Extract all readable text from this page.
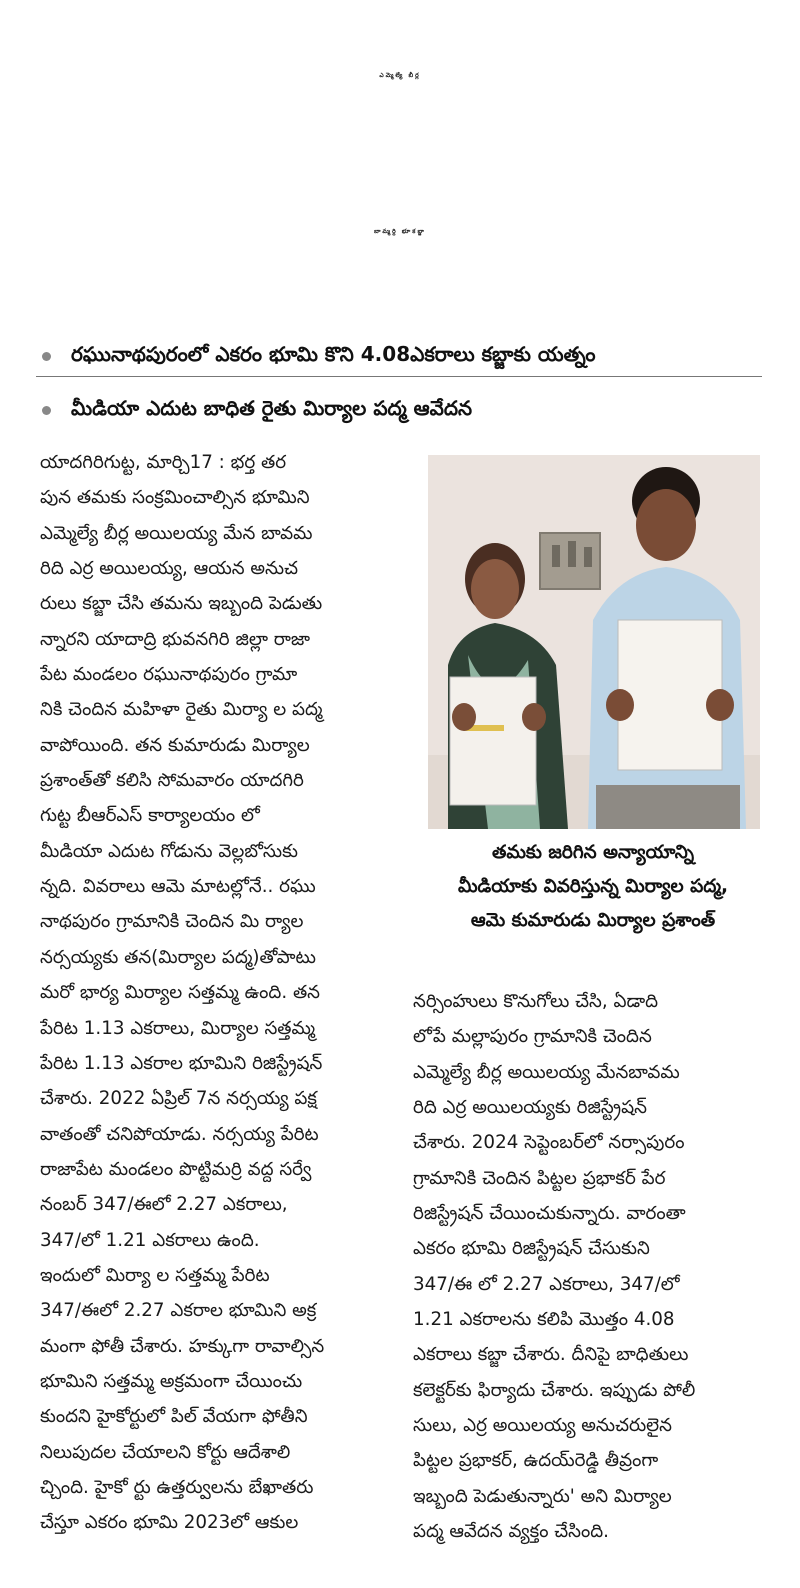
ఎమ్మెల్యే బీర్ల
బామ్మర్ది భూకబ్జా
రఘునాథపురంలో ఎకరం భూమి కొని 4.08ఎకరాలు కబ్జాకు యత్నం
మీడియా ఎదుట బాధిత రైతు మిర్యాల పద్మ ఆవేదన
యాదగిరిగుట్ట, మార్చి17 : భర్త తర
పున తమకు సంక్రమించాల్సిన భూమిని
ఎమ్మెల్యే బీర్ల అయిలయ్య మేన బావమ
రిది ఎర్ర అయిలయ్య, ఆయన అనుచ
రులు కబ్జా చేసి తమను ఇబ్బంది పెడుతు
న్నారని యాదాద్రి భువనగిరి జిల్లా రాజా
పేట మండలం రఘునాథపురం గ్రామా
నికి చెందిన మహిళా రైతు మిర్యా ల పద్మ
వాపోయింది. తన కుమారుడు మిర్యాల
ప్రశాంత్‌తో కలిసి సోమవారం యాదగిరి
గుట్ట బీఆర్‌ఎస్ కార్యాలయం లో
మీడియా ఎదుట గోడును వెల్లబోసుకు
న్నది. వివరాలు ఆమె మాటల్లోనే.. రఘు
నాథపురం గ్రామానికి చెందిన మి ర్యాల
నర్సయ్యకు తన(మిర్యాల పద్మ)తోపాటు
మరో భార్య మిర్యాల సత్తమ్మ ఉంది. తన
పేరిట 1.13 ఎకరాలు, మిర్యాల సత్తమ్మ
పేరిట 1.13 ఎకరాల భూమిని రిజిస్ట్రేషన్
చేశారు. 2022 ఏప్రిల్ 7న నర్సయ్య పక్ష
వాతంతో చనిపోయాడు. నర్సయ్య పేరిట
రాజాపేట మండలం పొట్టిమర్రి వద్ద సర్వే
నంబర్ 347/ఈలో 2.27 ఎకరాలు,
347/లో 1.21 ఎకరాలు ఉంది.
ఇందులో మిర్యా ల సత్తమ్మ పేరిట
347/ఈలో 2.27 ఎకరాల భూమిని అక్ర
మంగా ఫోతీ చేశారు. హక్కుగా రావాల్సిన
భూమిని సత్తమ్మ అక్రమంగా చేయించు
కుందని హైకోర్టులో పిల్ వేయగా ఫోతీని
నిలుపుదల చేయాలని కోర్టు ఆదేశాలి
చ్చింది. హైకో ర్టు ఉత్తర్వులను బేఖాతరు
చేస్తూ ఎకరం భూమి 2023లో ఆకుల
తమకు జరిగిన అన్యాయాన్ని
మీడియాకు వివరిస్తున్న మిర్యాల పద్మ,
ఆమె కుమారుడు మిర్యాల ప్రశాంత్
నర్సింహులు కొనుగోలు చేసి, ఏడాది
లోపే మల్లాపురం గ్రామానికి చెందిన
ఎమ్మెల్యే బీర్ల అయిలయ్య మేనబావమ
రిది ఎర్ర అయిలయ్యకు రిజిస్ట్రేషన్
చేశారు. 2024 సెప్టెంబర్‌లో నర్సాపురం
గ్రామానికి చెందిన పిట్టల ప్రభాకర్ పేర
రిజిస్ట్రేషన్ చేయించుకున్నారు. వారంతా
ఎకరం భూమి రిజిస్ట్రేషన్ చేసుకుని
347/ఈ లో 2.27 ఎకరాలు, 347/లో
1.21 ఎకరాలను కలిపి మొత్తం 4.08
ఎకరాలు కబ్జా చేశారు. దీనిపై బాధితులు
కలెక్టర్‌కు ఫిర్యాదు చేశారు. ఇప్పుడు పోలీ
సులు, ఎర్ర అయిలయ్య అనుచరులైన
పిట్టల ప్రభాకర్, ఉదయ్‌రెడ్డి తీవ్రంగా
ఇబ్బంది పెడుతున్నారు' అని మిర్యాల
పద్మ ఆవేదన వ్యక్తం చేసింది.
